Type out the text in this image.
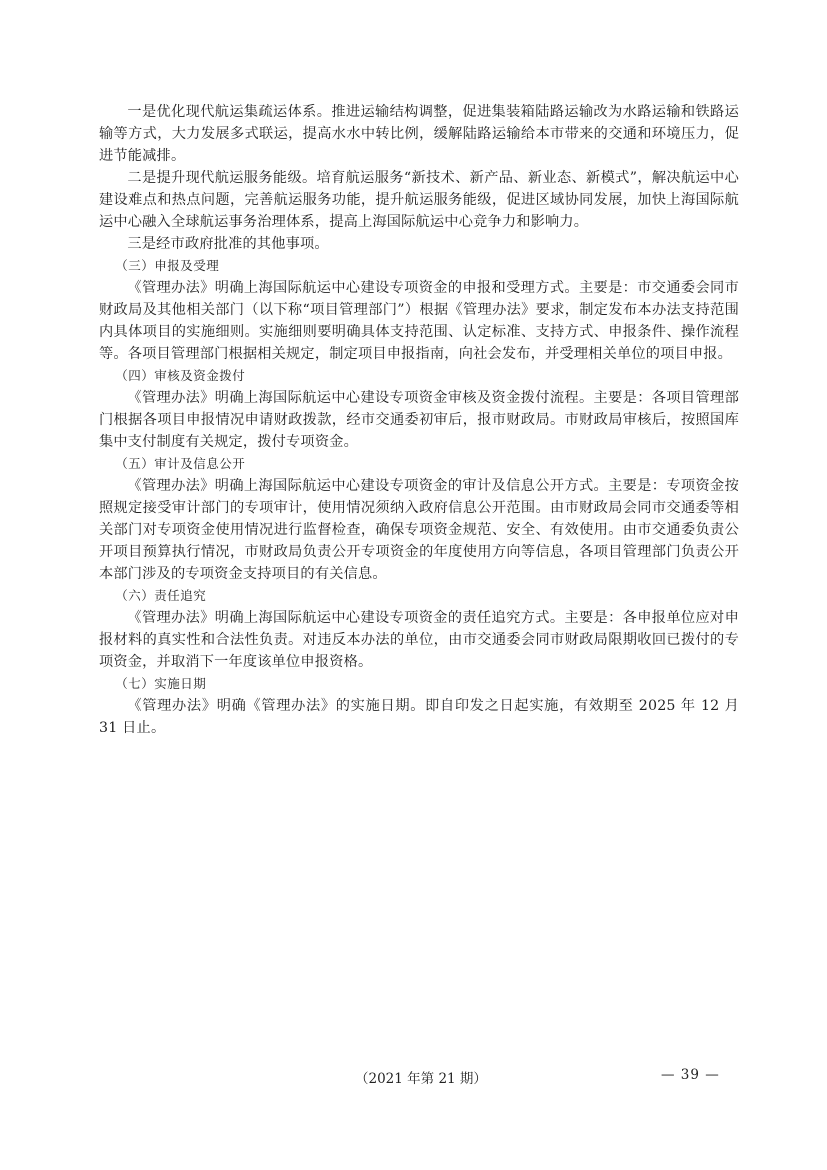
一是优化现代航运集疏运体系。推进运输结构调整，促进集装箱陆路运输改为水路运输和铁路运输等方式，大力发展多式联运，提高水水中转比例，缓解陆路运输给本市带来的交通和环境压力，促进节能减排。

二是提升现代航运服务能级。培育航运服务“新技术、新产品、新业态、新模式”，解决航运中心建设难点和热点问题，完善航运服务功能，提升航运服务能级，促进区域协同发展，加快上海国际航运中心融入全球航运事务治理体系，提高上海国际航运中心竞争力和影响力。

三是经市政府批准的其他事项。

（三）申报及受理

《管理办法》明确上海国际航运中心建设专项资金的申报和受理方式。主要是：市交通委会同市财政局及其他相关部门（以下称“项目管理部门”）根据《管理办法》要求，制定发布本办法支持范围内具体项目的实施细则。实施细则要明确具体支持范围、认定标准、支持方式、申报条件、操作流程等。各项目管理部门根据相关规定，制定项目申报指南，向社会发布，并受理相关单位的项目申报。

（四）审核及资金拨付

《管理办法》明确上海国际航运中心建设专项资金审核及资金拨付流程。主要是：各项目管理部门根据各项目申报情况申请财政拨款，经市交通委初审后，报市财政局。市财政局审核后，按照国库集中支付制度有关规定，拨付专项资金。

（五）审计及信息公开

《管理办法》明确上海国际航运中心建设专项资金的审计及信息公开方式。主要是：专项资金按照规定接受审计部门的专项审计，使用情况须纳入政府信息公开范围。由市财政局会同市交通委等相关部门对专项资金使用情况进行监督检查，确保专项资金规范、安全、有效使用。由市交通委负责公开项目预算执行情况，市财政局负责公开专项资金的年度使用方向等信息，各项目管理部门负责公开本部门涉及的专项资金支持项目的有关信息。

（六）责任追究

《管理办法》明确上海国际航运中心建设专项资金的责任追究方式。主要是：各申报单位应对申报材料的真实性和合法性负责。对违反本办法的单位，由市交通委会同市财政局限期收回已拨付的专项资金，并取消下一年度该单位申报资格。

（七）实施日期

《管理办法》明确《管理办法》的实施日期。即自印发之日起实施，有效期至 2025 年 12 月 31 日止。

（2021 年第 21 期）	— 39 —
